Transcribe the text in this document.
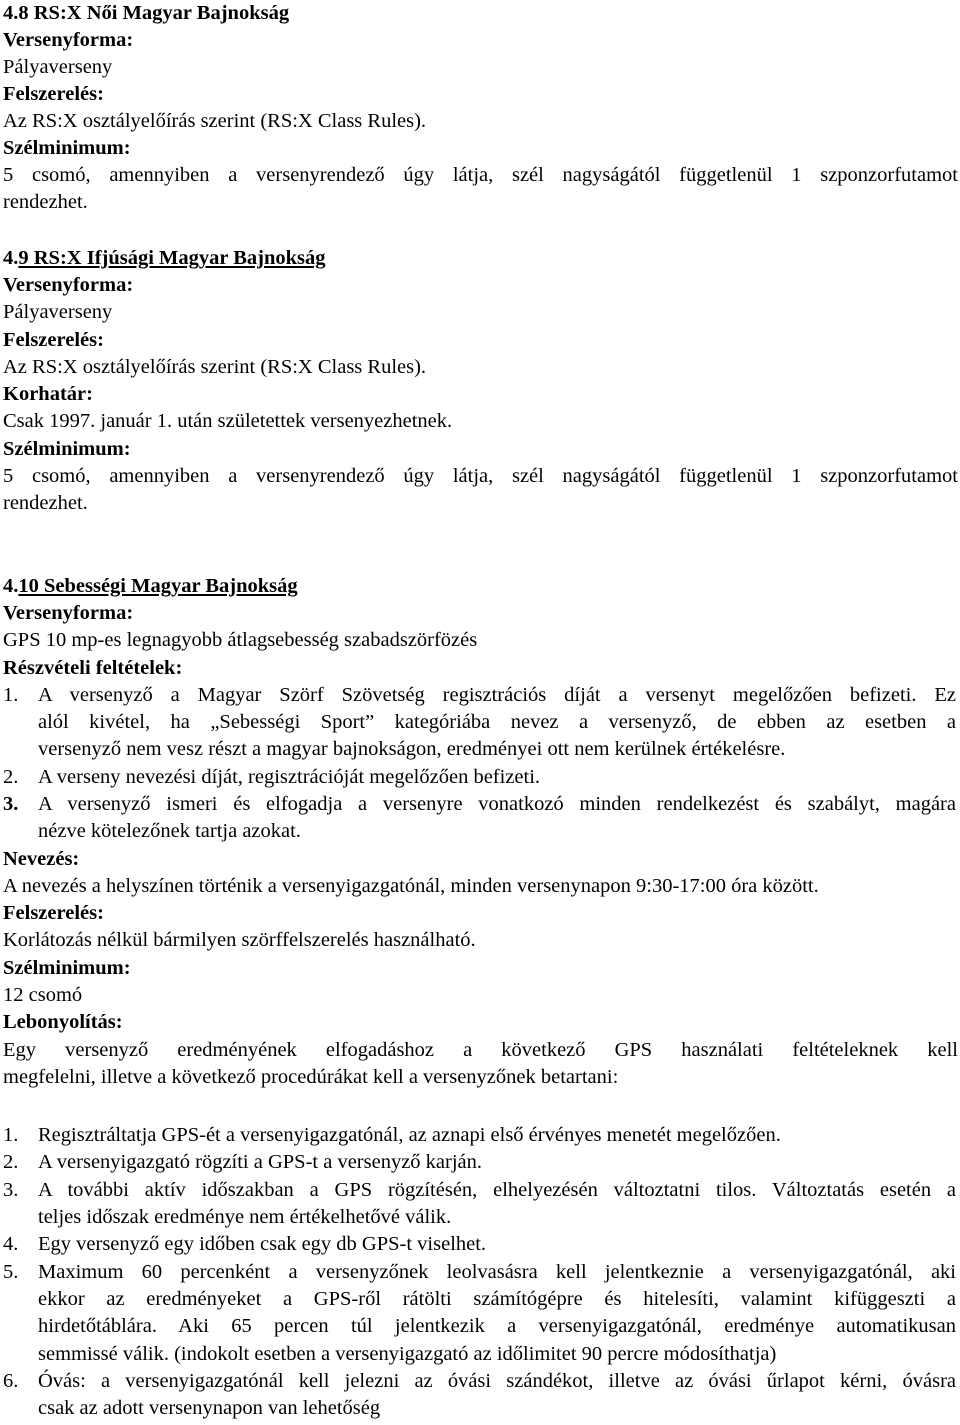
4.8 RS:X Női Magyar Bajnokság
Versenyforma:
Pályaverseny
Felszerelés:
Az RS:X osztályelőírás szerint (RS:X Class Rules).
Szélminimum:
5 csomó, amennyiben a versenyrendező úgy látja, szél nagyságától függetlenül 1 szponzorfutamot
rendezhet.
4.9 RS:X Ifjúsági Magyar Bajnokság
Versenyforma:
Pályaverseny
Felszerelés:
Az RS:X osztályelőírás szerint (RS:X Class Rules).
Korhatár:
Csak 1997. január 1. után születettek versenyezhetnek.
Szélminimum:
5 csomó, amennyiben a versenyrendező úgy látja, szél nagyságától függetlenül 1 szponzorfutamot
rendezhet.
4.10 Sebességi Magyar Bajnokság
Versenyforma:
GPS 10 mp-es legnagyobb átlagsebesség szabadszörfözés
Részvételi feltételek:
1. A versenyző a Magyar Szörf Szövetség regisztrációs díját a versenyt megelőzően befizeti. Ez
alól kivétel, ha „Sebességi Sport” kategóriába nevez a versenyző, de ebben az esetben a
versenyző nem vesz részt a magyar bajnokságon, eredményei ott nem kerülnek értékelésre.
2. A verseny nevezési díját, regisztrációját megelőzően befizeti.
3. A versenyző ismeri és elfogadja a versenyre vonatkozó minden rendelkezést és szabályt, magára
nézve kötelezőnek tartja azokat.
Nevezés:
A nevezés a helyszínen történik a versenyigazgatónál, minden versenynapon 9:30-17:00 óra között.
Felszerelés:
Korlátozás nélkül bármilyen szörffelszerelés használható.
Szélminimum:
12 csomó
Lebonyolítás:
Egy versenyző eredményének elfogadáshoz a következő GPS használati feltételeknek kell
megfelelni, illetve a következő procedúrákat kell a versenyzőnek betartani:
1. Regisztráltatja GPS-ét a versenyigazgatónál, az aznapi első érvényes menetét megelőzően.
2. A versenyigazgató rögzíti a GPS-t a versenyző karján.
3. A további aktív időszakban a GPS rögzítésén, elhelyezésén változtatni tilos. Változtatás esetén a
teljes időszak eredménye nem értékelhetővé válik.
4. Egy versenyző egy időben csak egy db GPS-t viselhet.
5. Maximum 60 percenként a versenyzőnek leolvasásra kell jelentkeznie a versenyigazgatónál, aki
ekkor az eredményeket a GPS-ről rátölti számítógépre és hitelesíti, valamint kifüggeszti a
hirdetőtáblára. Aki 65 percen túl jelentkezik a versenyigazgatónál, eredménye automatikusan
semmissé válik. (indokolt esetben a versenyigazgató az időlimitet 90 percre módosíthatja)
6. Óvás: a versenyigazgatónál kell jelezni az óvási szándékot, illetve az óvási űrlapot kérni, óvásra
csak az adott versenynapon van lehetőség
